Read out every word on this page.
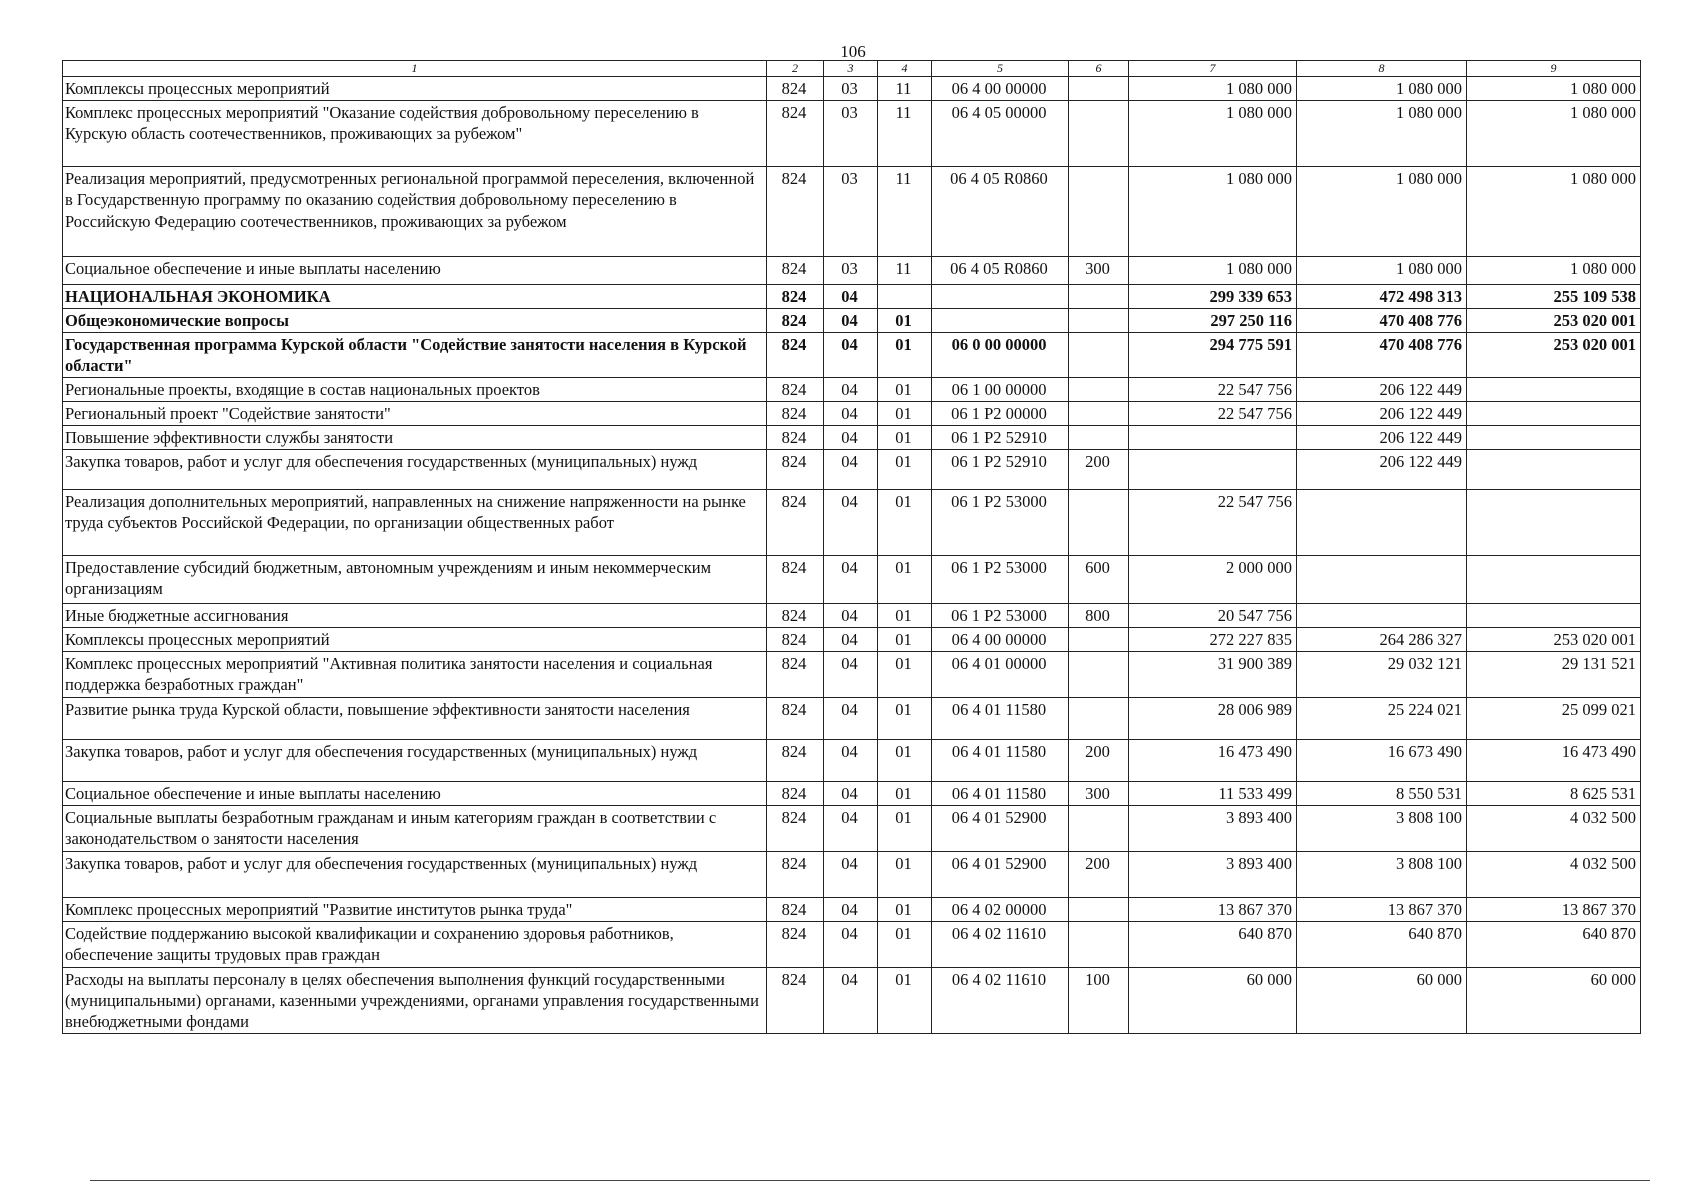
106
1	2	3	4	5	6	7	8	9
Комплексы процессных мероприятий	824	03	11	06 4 00 00000		1 080 000	1 080 000	1 080 000
Комплекс процессных мероприятий "Оказание содействия добровольному переселению в Курскую область соотечественников, проживающих за рубежом"	824	03	11	06 4 05 00000		1 080 000	1 080 000	1 080 000
Реализация мероприятий, предусмотренных региональной программой переселения, включенной в Государственную программу по оказанию содействия добровольному переселению в Российскую Федерацию соотечественников, проживающих за рубежом	824	03	11	06 4 05 R0860		1 080 000	1 080 000	1 080 000
Социальное обеспечение и иные выплаты населению	824	03	11	06 4 05 R0860	300	1 080 000	1 080 000	1 080 000
НАЦИОНАЛЬНАЯ ЭКОНОМИКА	824	04				299 339 653	472 498 313	255 109 538
Общеэкономические вопросы	824	04	01			297 250 116	470 408 776	253 020 001
Государственная программа Курской области "Содействие занятости населения в Курской области"	824	04	01	06 0 00 00000		294 775 591	470 408 776	253 020 001
Региональные проекты, входящие в состав национальных проектов	824	04	01	06 1 00 00000		22 547 756	206 122 449	
Региональный проект "Содействие занятости"	824	04	01	06 1 P2 00000		22 547 756	206 122 449	
Повышение эффективности службы занятости	824	04	01	06 1 P2 52910			206 122 449	
Закупка товаров, работ и услуг для обеспечения государственных (муниципальных) нужд	824	04	01	06 1 P2 52910	200		206 122 449	
Реализация дополнительных мероприятий, направленных на снижение напряженности на рынке труда субъектов Российской Федерации, по организации общественных работ	824	04	01	06 1 P2 53000		22 547 756		
Предоставление субсидий бюджетным, автономным учреждениям и иным некоммерческим организациям	824	04	01	06 1 P2 53000	600	2 000 000		
Иные бюджетные ассигнования	824	04	01	06 1 P2 53000	800	20 547 756		
Комплексы процессных мероприятий	824	04	01	06 4 00 00000		272 227 835	264 286 327	253 020 001
Комплекс процессных мероприятий "Активная политика занятости населения и социальная поддержка безработных граждан"	824	04	01	06 4 01 00000		31 900 389	29 032 121	29 131 521
Развитие рынка труда Курской области, повышение эффективности занятости населения	824	04	01	06 4 01 11580		28 006 989	25 224 021	25 099 021
Закупка товаров, работ и услуг для обеспечения государственных (муниципальных) нужд	824	04	01	06 4 01 11580	200	16 473 490	16 673 490	16 473 490
Социальное обеспечение и иные выплаты населению	824	04	01	06 4 01 11580	300	11 533 499	8 550 531	8 625 531
Социальные выплаты безработным гражданам и иным категориям граждан в соответствии с законодательством о занятости населения	824	04	01	06 4 01 52900		3 893 400	3 808 100	4 032 500
Закупка товаров, работ и услуг для обеспечения государственных (муниципальных) нужд	824	04	01	06 4 01 52900	200	3 893 400	3 808 100	4 032 500
Комплекс процессных мероприятий "Развитие институтов рынка труда"	824	04	01	06 4 02 00000		13 867 370	13 867 370	13 867 370
Содействие поддержанию высокой квалификации и сохранению здоровья работников, обеспечение защиты трудовых прав граждан	824	04	01	06 4 02 11610		640 870	640 870	640 870
Расходы на выплаты персоналу в целях обеспечения выполнения функций государственными (муниципальными) органами, казенными учреждениями, органами управления государственными внебюджетными фондами	824	04	01	06 4 02 11610	100	60 000	60 000	60 000
